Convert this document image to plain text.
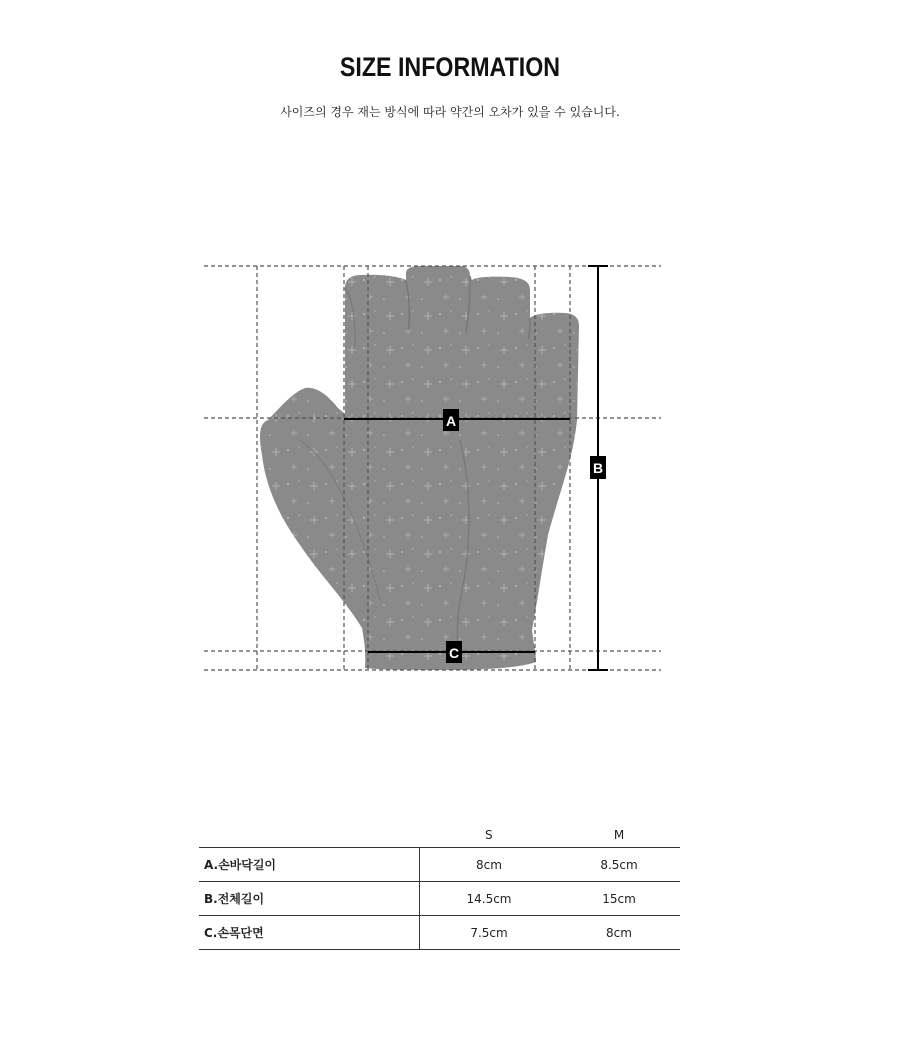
SIZE INFORMATION
사이즈의 경우 재는 방식에 따라 약간의 오차가 있을 수 있습니다.
A
B
C
	S	M
A.손바닥길이	8cm	8.5cm
B.전체길이	14.5cm	15cm
C.손목단면	7.5cm	8cm
